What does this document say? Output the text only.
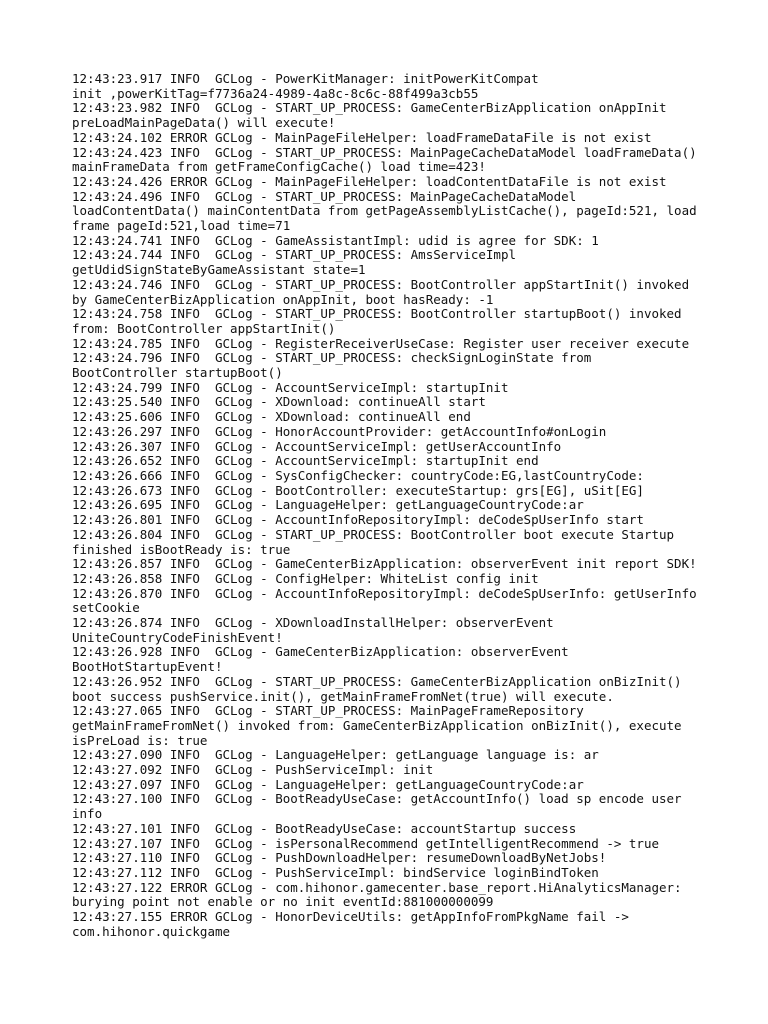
12:43:23.917 INFO  GCLog - PowerKitManager: initPowerKitCompat
init ,powerKitTag=f7736a24-4989-4a8c-8c6c-88f499a3cb55
12:43:23.982 INFO  GCLog - START_UP_PROCESS: GameCenterBizApplication onAppInit
preLoadMainPageData() will execute!
12:43:24.102 ERROR GCLog - MainPageFileHelper: loadFrameDataFile is not exist
12:43:24.423 INFO  GCLog - START_UP_PROCESS: MainPageCacheDataModel loadFrameData()
mainFrameData from getFrameConfigCache() load time=423!
12:43:24.426 ERROR GCLog - MainPageFileHelper: loadContentDataFile is not exist
12:43:24.496 INFO  GCLog - START_UP_PROCESS: MainPageCacheDataModel
loadContentData() mainContentData from getPageAssemblyListCache(), pageId:521, load
frame pageId:521,load time=71
12:43:24.741 INFO  GCLog - GameAssistantImpl: udid is agree for SDK: 1
12:43:24.744 INFO  GCLog - START_UP_PROCESS: AmsServiceImpl
getUdidSignStateByGameAssistant state=1
12:43:24.746 INFO  GCLog - START_UP_PROCESS: BootController appStartInit() invoked
by GameCenterBizApplication onAppInit, boot hasReady: -1
12:43:24.758 INFO  GCLog - START_UP_PROCESS: BootController startupBoot() invoked
from: BootController appStartInit()
12:43:24.785 INFO  GCLog - RegisterReceiverUseCase: Register user receiver execute
12:43:24.796 INFO  GCLog - START_UP_PROCESS: checkSignLoginState from
BootController startupBoot()
12:43:24.799 INFO  GCLog - AccountServiceImpl: startupInit
12:43:25.540 INFO  GCLog - XDownload: continueAll start
12:43:25.606 INFO  GCLog - XDownload: continueAll end
12:43:26.297 INFO  GCLog - HonorAccountProvider: getAccountInfo#onLogin
12:43:26.307 INFO  GCLog - AccountServiceImpl: getUserAccountInfo
12:43:26.652 INFO  GCLog - AccountServiceImpl: startupInit end
12:43:26.666 INFO  GCLog - SysConfigChecker: countryCode:EG,lastCountryCode:
12:43:26.673 INFO  GCLog - BootController: executeStartup: grs[EG], uSit[EG]
12:43:26.695 INFO  GCLog - LanguageHelper: getLanguageCountryCode:ar
12:43:26.801 INFO  GCLog - AccountInfoRepositoryImpl: deCodeSpUserInfo start
12:43:26.804 INFO  GCLog - START_UP_PROCESS: BootController boot execute Startup
finished isBootReady is: true
12:43:26.857 INFO  GCLog - GameCenterBizApplication: observerEvent init report SDK!
12:43:26.858 INFO  GCLog - ConfigHelper: WhiteList config init
12:43:26.870 INFO  GCLog - AccountInfoRepositoryImpl: deCodeSpUserInfo: getUserInfo
setCookie
12:43:26.874 INFO  GCLog - XDownloadInstallHelper: observerEvent
UniteCountryCodeFinishEvent!
12:43:26.928 INFO  GCLog - GameCenterBizApplication: observerEvent
BootHotStartupEvent!
12:43:26.952 INFO  GCLog - START_UP_PROCESS: GameCenterBizApplication onBizInit()
boot success pushService.init(), getMainFrameFromNet(true) will execute.
12:43:27.065 INFO  GCLog - START_UP_PROCESS: MainPageFrameRepository
getMainFrameFromNet() invoked from: GameCenterBizApplication onBizInit(), execute
isPreLoad is: true
12:43:27.090 INFO  GCLog - LanguageHelper: getLanguage language is: ar
12:43:27.092 INFO  GCLog - PushServiceImpl: init
12:43:27.097 INFO  GCLog - LanguageHelper: getLanguageCountryCode:ar
12:43:27.100 INFO  GCLog - BootReadyUseCase: getAccountInfo() load sp encode user
info
12:43:27.101 INFO  GCLog - BootReadyUseCase: accountStartup success
12:43:27.107 INFO  GCLog - isPersonalRecommend getIntelligentRecommend -> true
12:43:27.110 INFO  GCLog - PushDownloadHelper: resumeDownloadByNetJobs!
12:43:27.112 INFO  GCLog - PushServiceImpl: bindService loginBindToken
12:43:27.122 ERROR GCLog - com.hihonor.gamecenter.base_report.HiAnalyticsManager:
burying point not enable or no init eventId:881000000099
12:43:27.155 ERROR GCLog - HonorDeviceUtils: getAppInfoFromPkgName fail ->
com.hihonor.quickgame
